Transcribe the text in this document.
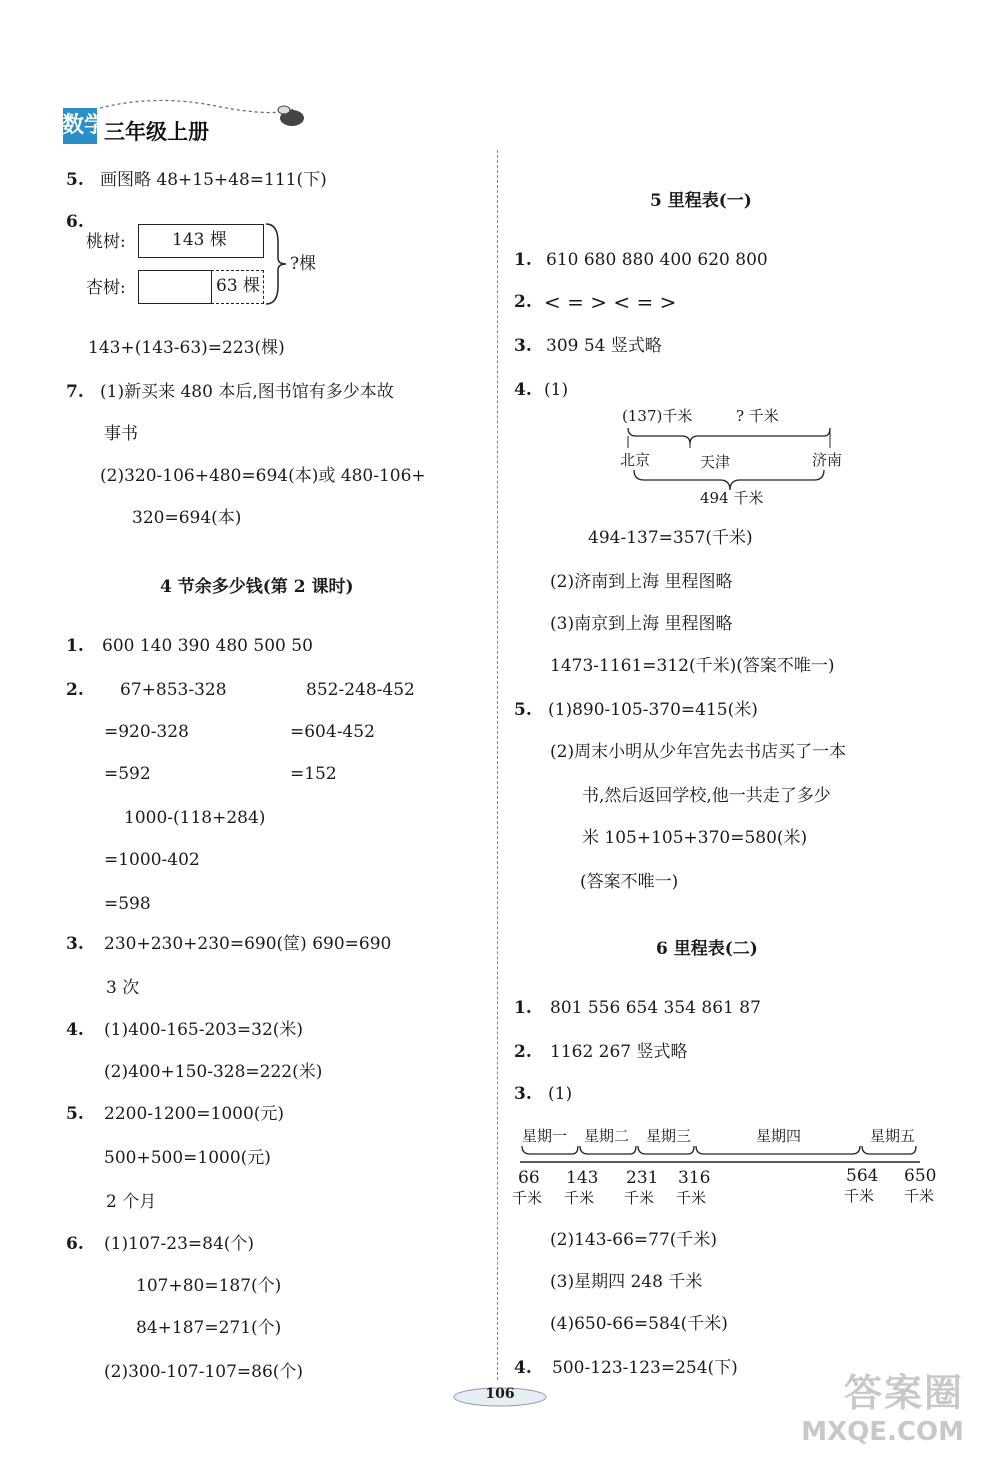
数学
三年级上册
5. 画图略 48+15+48=111(下)
6.
桃树:	143 棵
杏树:	63 棵
?棵
143+(143-63)=223(棵)
7. (1)新买来 480 本后,图书馆有多少本故
事书
(2)320-106+480=694(本)或 480-106+
320=694(本)
4 节余多少钱(第 2 课时)
1. 600 140 390 480 500 50
2. 67+853-328
=920-328
=592
852-248-452
=604-452
=152
1000-(118+284)
=1000-402
=598
3. 230+230+230=690(筐) 690=690
3 次
4. (1)400-165-203=32(米)
(2)400+150-328=222(米)
5. 2200-1200=1000(元)
500+500=1000(元)
2 个月
6. (1)107-23=84(个)
107+80=187(个)
84+187=271(个)
(2)300-107-107=86(个)
5 里程表(一)
1. 610 680 880 400 620 800
2. < = > < = >
3. 309 54 竖式略
4. (1)
(137)千米	? 千米
北京	天津	济南
494 千米
494-137=357(千米)
(2)济南到上海 里程图略
(3)南京到上海 里程图略
1473-1161=312(千米)(答案不唯一)
5. (1)890-105-370=415(米)
(2)周末小明从少年宫先去书店买了一本
书,然后返回学校,他一共走了多少
米 105+105+370=580(米)
(答案不唯一)
6 里程表(二)
1. 801 556 654 354 861 87
2. 1162 267 竖式略
3. (1)
星期一 星期二 星期三	星期四	星期五
66 143 231 316	564 650
千米 千米 千米 千米	千米 千米
(2)143-66=77(千米)
(3)星期四 248 千米
(4)650-66=584(千米)
4. 500-123-123=254(下)
106	答案圈
MXQE.COM
